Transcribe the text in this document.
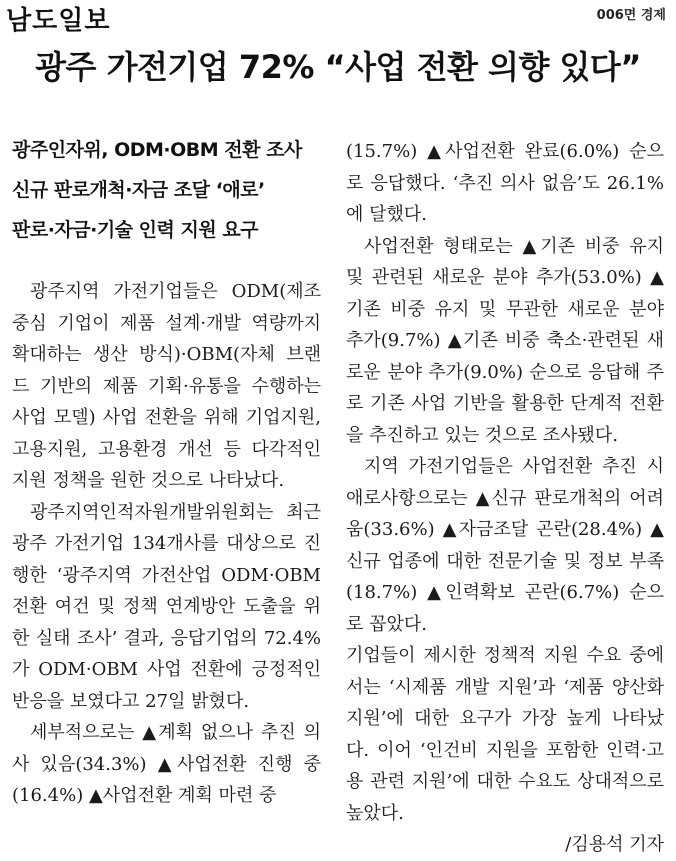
남도일보	006면 경제
광주 가전기업 72% “사업 전환 의향 있다”
광주인자위, ODM·OBM 전환 조사
신규 판로개척·자금 조달 ‘애로’
판로·자금·기술 인력 지원 요구

광주지역 가전기업들은 ODM(제조 중심 기업이 제품 설계·개발 역량까지 확대하는 생산 방식)·OBM(자체 브랜드 기반의 제품 기획·유통을 수행하는 사업 모델) 사업 전환을 위해 기업지원, 고용지원, 고용환경 개선 등 다각적인 지원 정책을 원한 것으로 나타났다.

광주지역인적자원개발위원회는 최근 광주 가전기업 134개사를 대상으로 진행한 ‘광주지역 가전산업 ODM·OBM 전환 여건 및 정책 연계방안 도출을 위한 실태 조사’ 결과, 응답기업의 72.4%가 ODM·OBM 사업 전환에 긍정적인 반응을 보였다고 27일 밝혔다.

세부적으로는 ▲계획 없으나 추진 의사 있음(34.3%) ▲사업전환 진행 중(16.4%) ▲사업전환 계획 마련 중

(15.7%) ▲사업전환 완료(6.0%) 순으로 응답했다. ‘추진 의사 없음’도 26.1%에 달했다.

사업전환 형태로는 ▲기존 비중 유지 및 관련된 새로운 분야 추가(53.0%) ▲기존 비중 유지 및 무관한 새로운 분야 추가(9.7%) ▲기존 비중 축소·관련된 새로운 분야 추가(9.0%) 순으로 응답해 주로 기존 사업 기반을 활용한 단계적 전환을 추진하고 있는 것으로 조사됐다.

지역 가전기업들은 사업전환 추진 시 애로사항으로는 ▲신규 판로개척의 어려움(33.6%) ▲자금조달 곤란(28.4%) ▲신규 업종에 대한 전문기술 및 정보 부족(18.7%) ▲인력확보 곤란(6.7%) 순으로 꼽았다.

기업들이 제시한 정책적 지원 수요 중에서는 ‘시제품 개발 지원’과 ‘제품 양산화 지원’에 대한 요구가 가장 높게 나타났다. 이어 ‘인건비 지원을 포함한 인력·고용 관련 지원’에 대한 수요도 상대적으로 높았다.

/김용석 기자
